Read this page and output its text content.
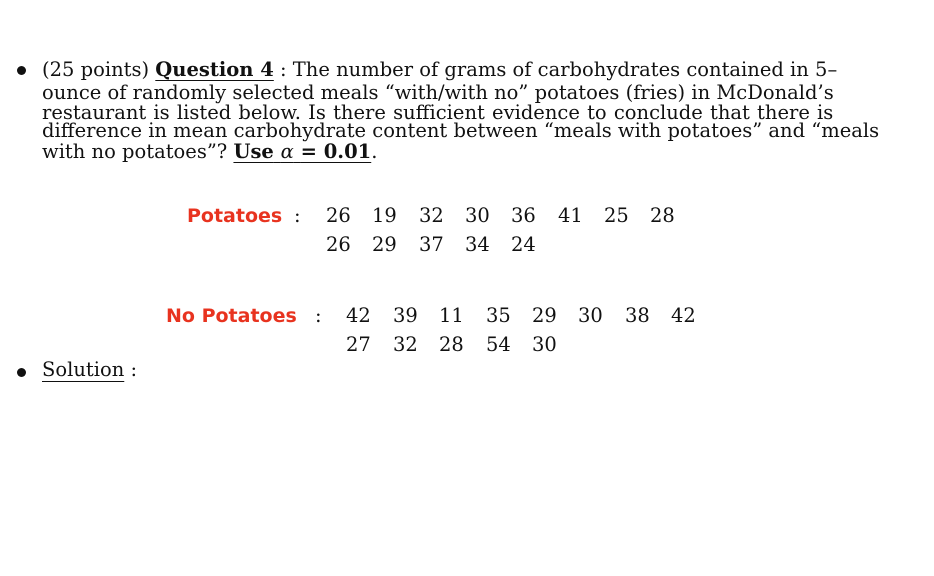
(25 points) Question 4 : The number of grams of carbohydrates contained in 5–
ounce of randomly selected meals “with/with no” potatoes (fries) in McDonald’s
restaurant is listed below. Is there sufficient evidence to conclude that there is
difference in mean carbohydrate content between “meals with potatoes” and “meals
with no potatoes”? Use α = 0.01.
Potatoes : 26 19 32 30 36 41 25 28
26 29 37 34 24
No Potatoes : 42 39 11 35 29 30 38 42
27 32 28 54 30
Solution :
